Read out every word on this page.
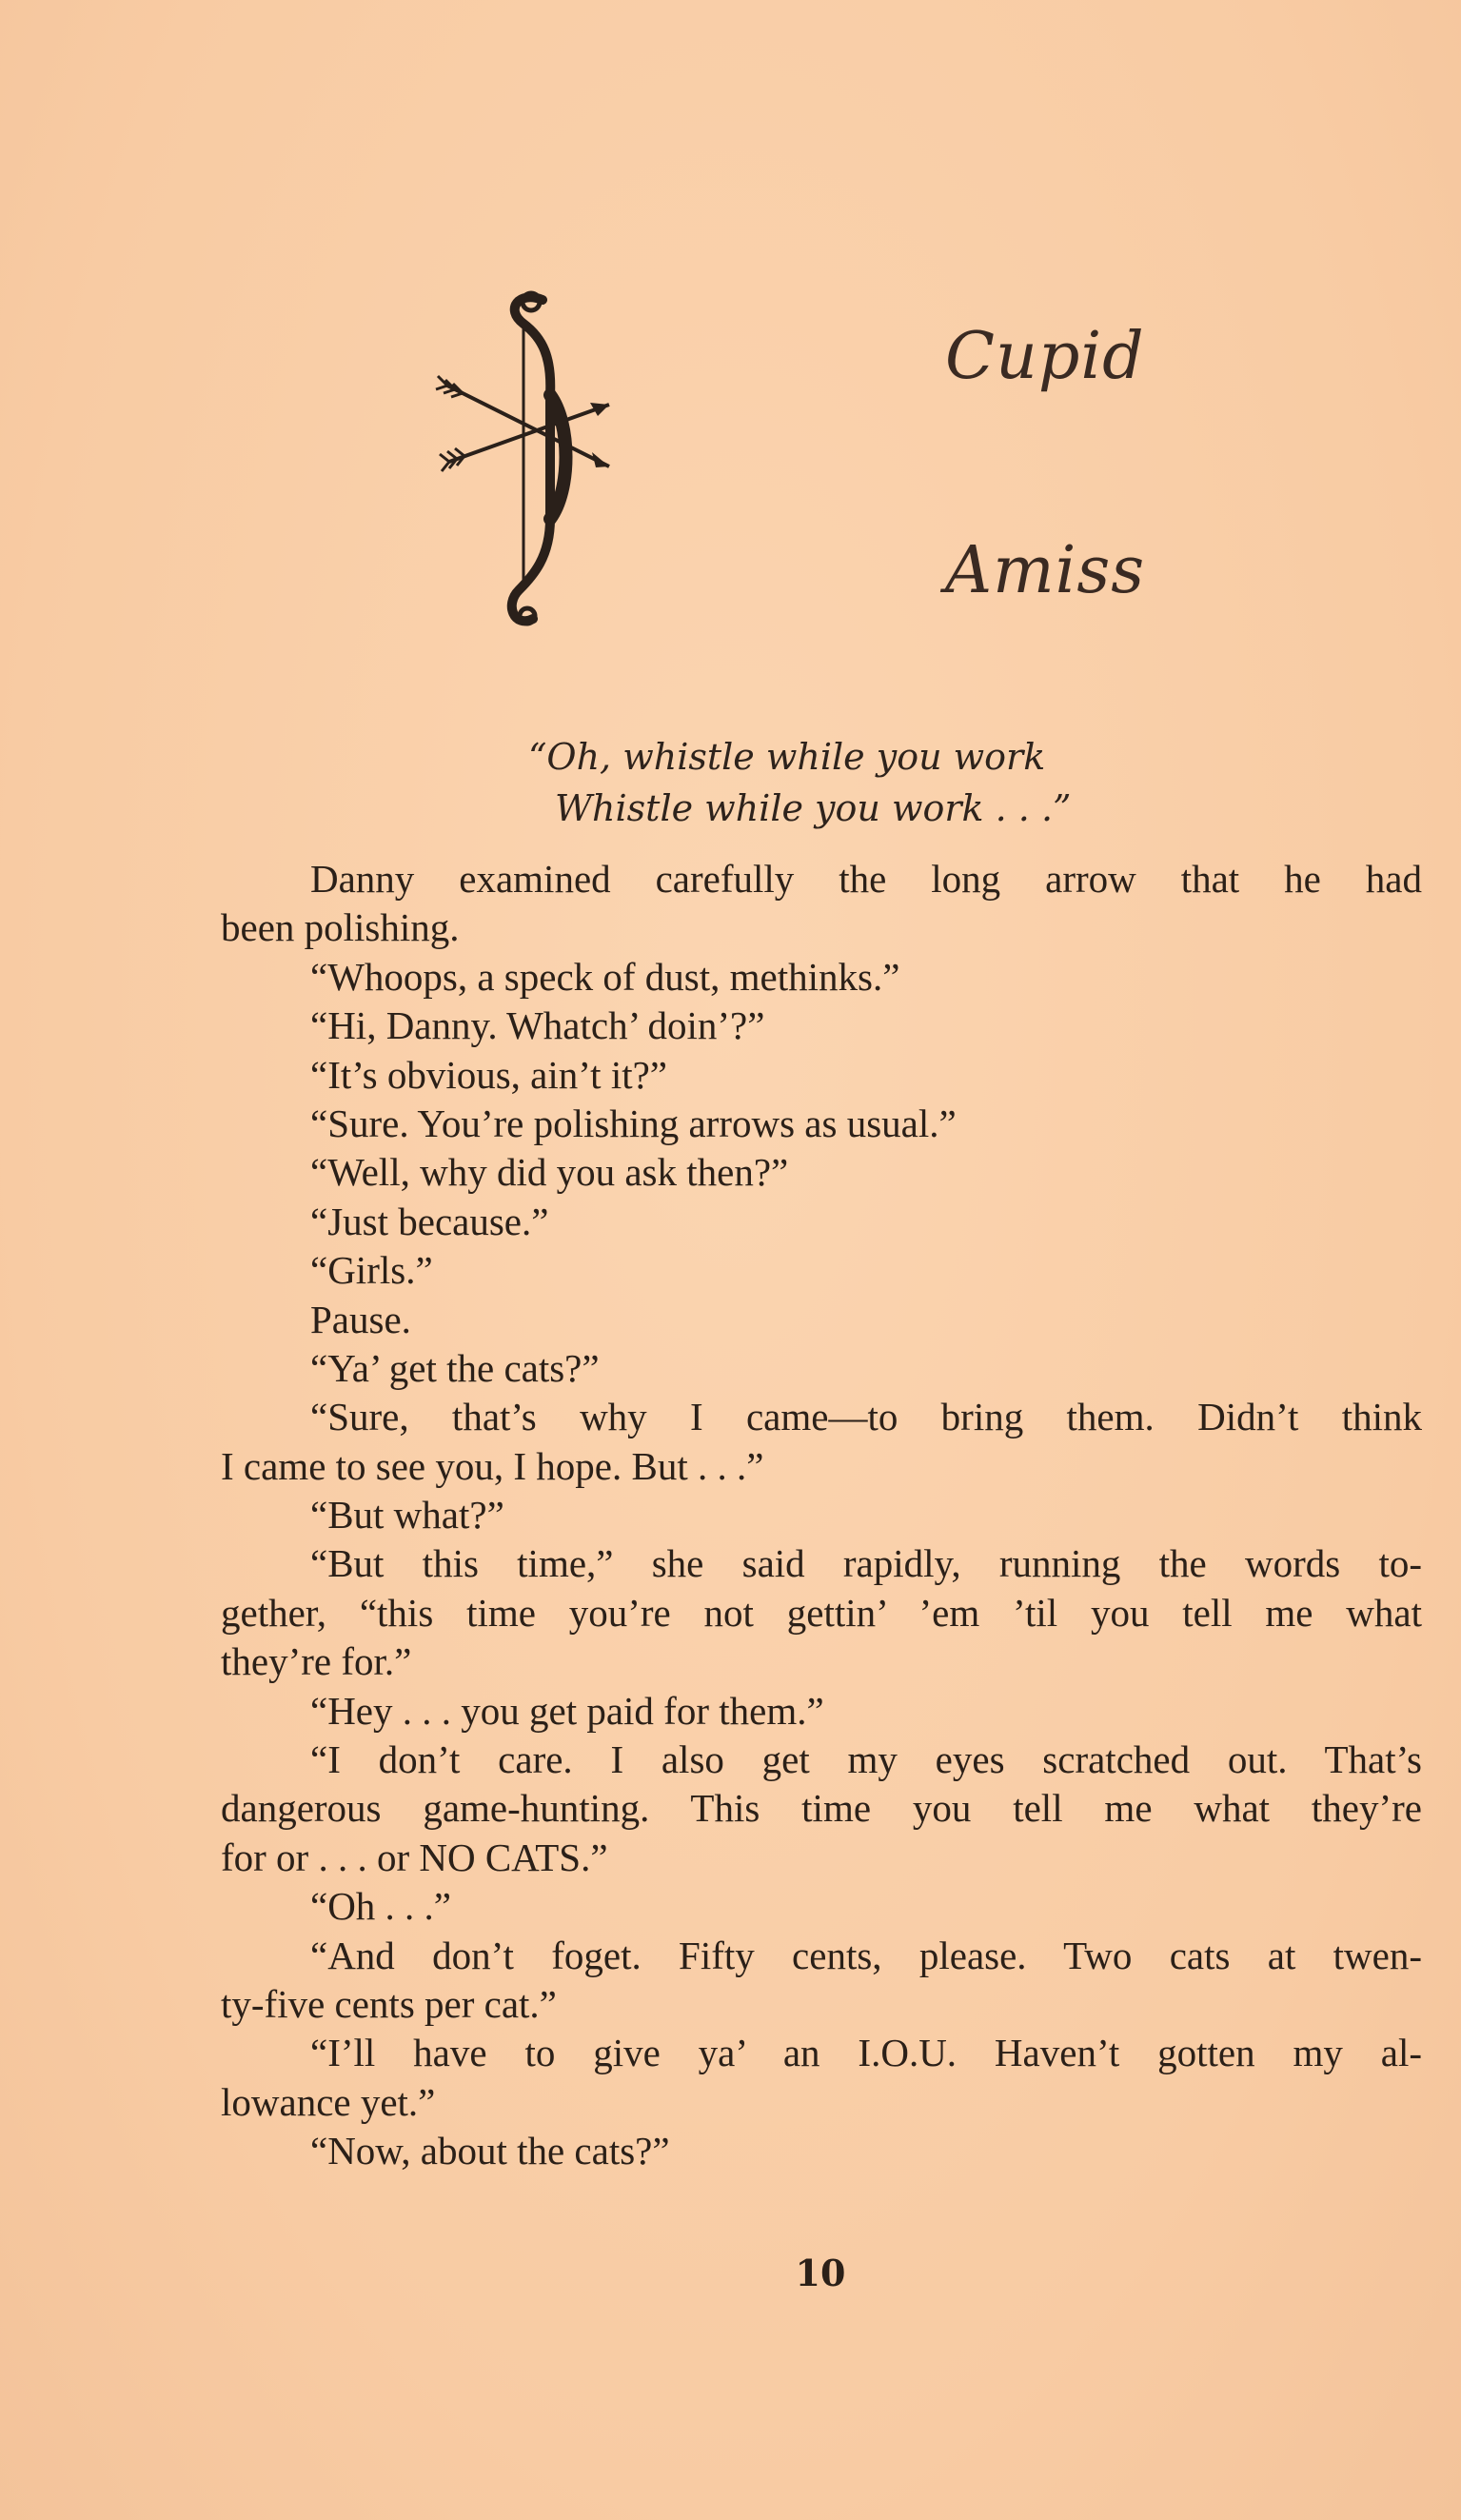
Cupid
Amiss
“Oh, whistle while you work
Whistle while you work . . .”
Danny examined carefully the long arrow that he had
been polishing.
“Whoops, a speck of dust, methinks.”
“Hi, Danny. Whatch’ doin’?”
“It’s obvious, ain’t it?”
“Sure. You’re polishing arrows as usual.”
“Well, why did you ask then?”
“Just because.”
“Girls.”
Pause.
“Ya’ get the cats?”
“Sure, that’s why I came—to bring them. Didn’t think
I came to see you, I hope. But . . .”
“But what?”
“But this time,” she said rapidly, running the words to-
gether, “this time you’re not gettin’ ’em ’til you tell me what
they’re for.”
“Hey . . . you get paid for them.”
“I don’t care. I also get my eyes scratched out. That’s
dangerous game-hunting. This time you tell me what they’re
for or . . . or NO CATS.”
“Oh . . .”
“And don’t foget. Fifty cents, please. Two cats at twen-
ty-five cents per cat.”
“I’ll have to give ya’ an I.O.U. Haven’t gotten my al-
lowance yet.”
“Now, about the cats?”
10
